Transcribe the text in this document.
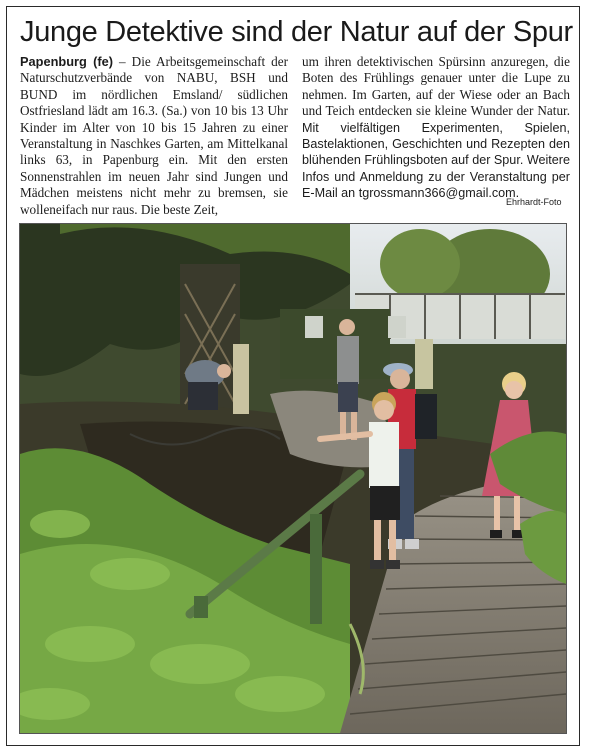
Junge Detektive sind der Natur auf der Spur

Papenburg (fe) – Die Arbeitsgemeinschaft der Naturschutzverbände von NABU, BSH und BUND im nördlichen Emsland/ südlichen Ostfriesland lädt am 16.3. (Sa.) von 10 bis 13 Uhr Kinder im Alter von 10 bis 15 Jahren zu einer Veranstaltung in Naschkes Garten, am Mittelkanal links 63, in Papenburg ein. Mit den ersten Sonnenstrahlen im neuen Jahr sind Jungen und Mädchen meistens nicht mehr zu bremsen, sie wolleneifach nur raus. Die beste Zeit,

um ihren detektivischen Spürsinn anzuregen, die Boten des Frühlings genauer unter die Lupe zu nehmen. Im Garten, auf der Wiese oder an Bach und Teich entdecken sie kleine Wunder der Natur. Mit vielfältigen Experimenten, Spielen, Bastelaktionen, Geschichten und Rezepten den blühenden Frühlingsboten auf der Spur. Weitere Infos und Anmeldung zu der Veranstaltung per E-Mail an tgrossmann366@gmail.com.

Ehrhardt-Foto
